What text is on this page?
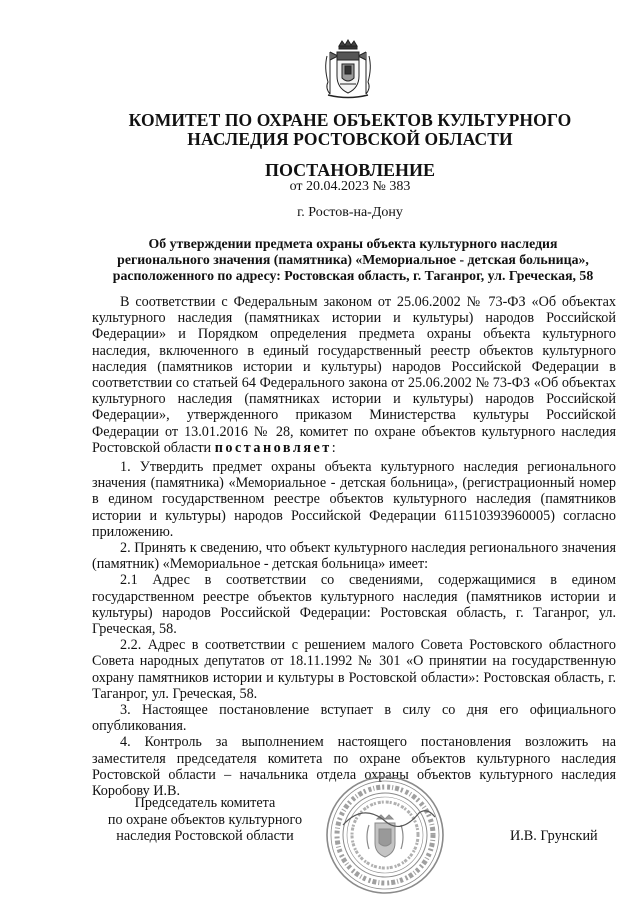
КОМИТЕТ ПО ОХРАНЕ ОБЪЕКТОВ КУЛЬТУРНОГО
НАСЛЕДИЯ РОСТОВСКОЙ ОБЛАСТИ
ПОСТАНОВЛЕНИЕ
от 20.04.2023 № 383
г. Ростов-на-Дону
Об утверждении предмета охраны объекта культурного наследия
регионального значения (памятника) «Мемориальное - детская больница»,
расположенного по адресу: Ростовская область, г. Таганрог, ул. Греческая, 58

В соответствии с Федеральным законом от 25.06.2002 № 73-ФЗ «Об объектах культурного наследия (памятниках истории и культуры) народов Российской Федерации» и Порядком определения предмета охраны объекта культурного наследия, включенного в единый государственный реестр объектов культурного наследия (памятников истории и культуры) народов Российской Федерации в соответствии со статьей 64 Федерального закона от 25.06.2002 № 73-ФЗ «Об объектах культурного наследия (памятниках истории и культуры) народов Российской Федерации», утвержденного приказом Министерства культуры Российской Федерации от 13.01.2016 № 28, комитет по охране объектов культурного наследия Ростовской области постановляет:

1. Утвердить предмет охраны объекта культурного наследия регионального значения (памятника) «Мемориальное - детская больница», (регистрационный номер в едином государственном реестре объектов культурного наследия (памятников истории и культуры) народов Российской Федерации 611510393960005) согласно приложению.

2. Принять к сведению, что объект культурного наследия регионального значения (памятник) «Мемориальное - детская больница» имеет:

2.1 Адрес в соответствии со сведениями, содержащимися в едином государственном реестре объектов культурного наследия (памятников истории и культуры) народов Российской Федерации: Ростовская область, г. Таганрог, ул. Греческая, 58.

2.2. Адрес в соответствии с решением малого Совета Ростовского областного Совета народных депутатов от 18.11.1992 № 301 «О принятии на государственную охрану памятников истории и культуры в Ростовской области»: Ростовская область, г. Таганрог, ул. Греческая, 58.

3. Настоящее постановление вступает в силу со дня его официального опубликования.

4. Контроль за выполнением настоящего постановления возложить на заместителя председателя комитета по охране объектов культурного наследия Ростовской области – начальника отдела охраны объектов культурного наследия Коробову И.В.

Председатель комитета
по охране объектов культурного
наследия Ростовской области	И.В. Грунский
